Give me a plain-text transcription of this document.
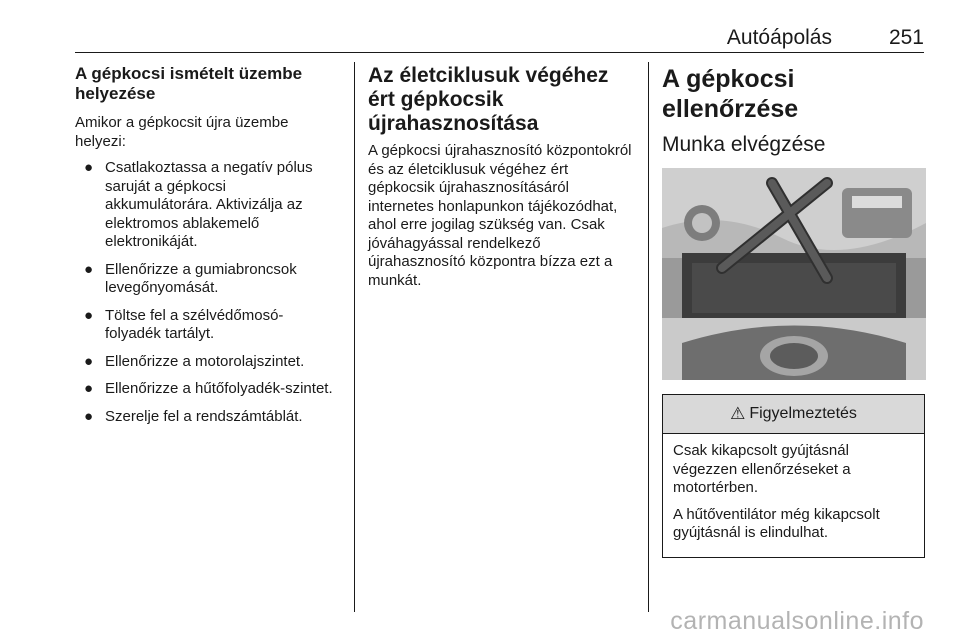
Autóápolás	251
A gépkocsi ismételt üzembe helyezése

Amikor a gépkocsit újra üzembe helyezi:

● Csatlakoztassa a negatív pólus saruját a gépkocsi akkumulátorára. Aktivizálja az elektromos ablakemelő elektronikáját.
● Ellenőrizze a gumiabroncsok levegőnyomását.
● Töltse fel a szélvédőmosó-folyadék tartályt.
● Ellenőrizze a motorolajszintet.
● Ellenőrizze a hűtőfolyadék-szintet.
● Szerelje fel a rendszámtáblát.
Az életciklusuk végéhez ért gépkocsik újrahasznosítása

A gépkocsi újrahasznosító központokról és az életciklusuk végéhez ért gépkocsik újrahasznosításáról internetes honlapunkon tájékozódhat, ahol erre jogilag szükség van. Csak jóváhagyással rendelkező újrahasznosító központra bízza ezt a munkát.

A gépkocsi ellenőrzése
Munka elvégzése
⚠ Figyelmeztetés

Csak kikapcsolt gyújtásnál végezzen ellenőrzéseket a motortérben.

A hűtőventilátor még kikapcsolt gyújtásnál is elindulhat.

carmanualsonline.info
